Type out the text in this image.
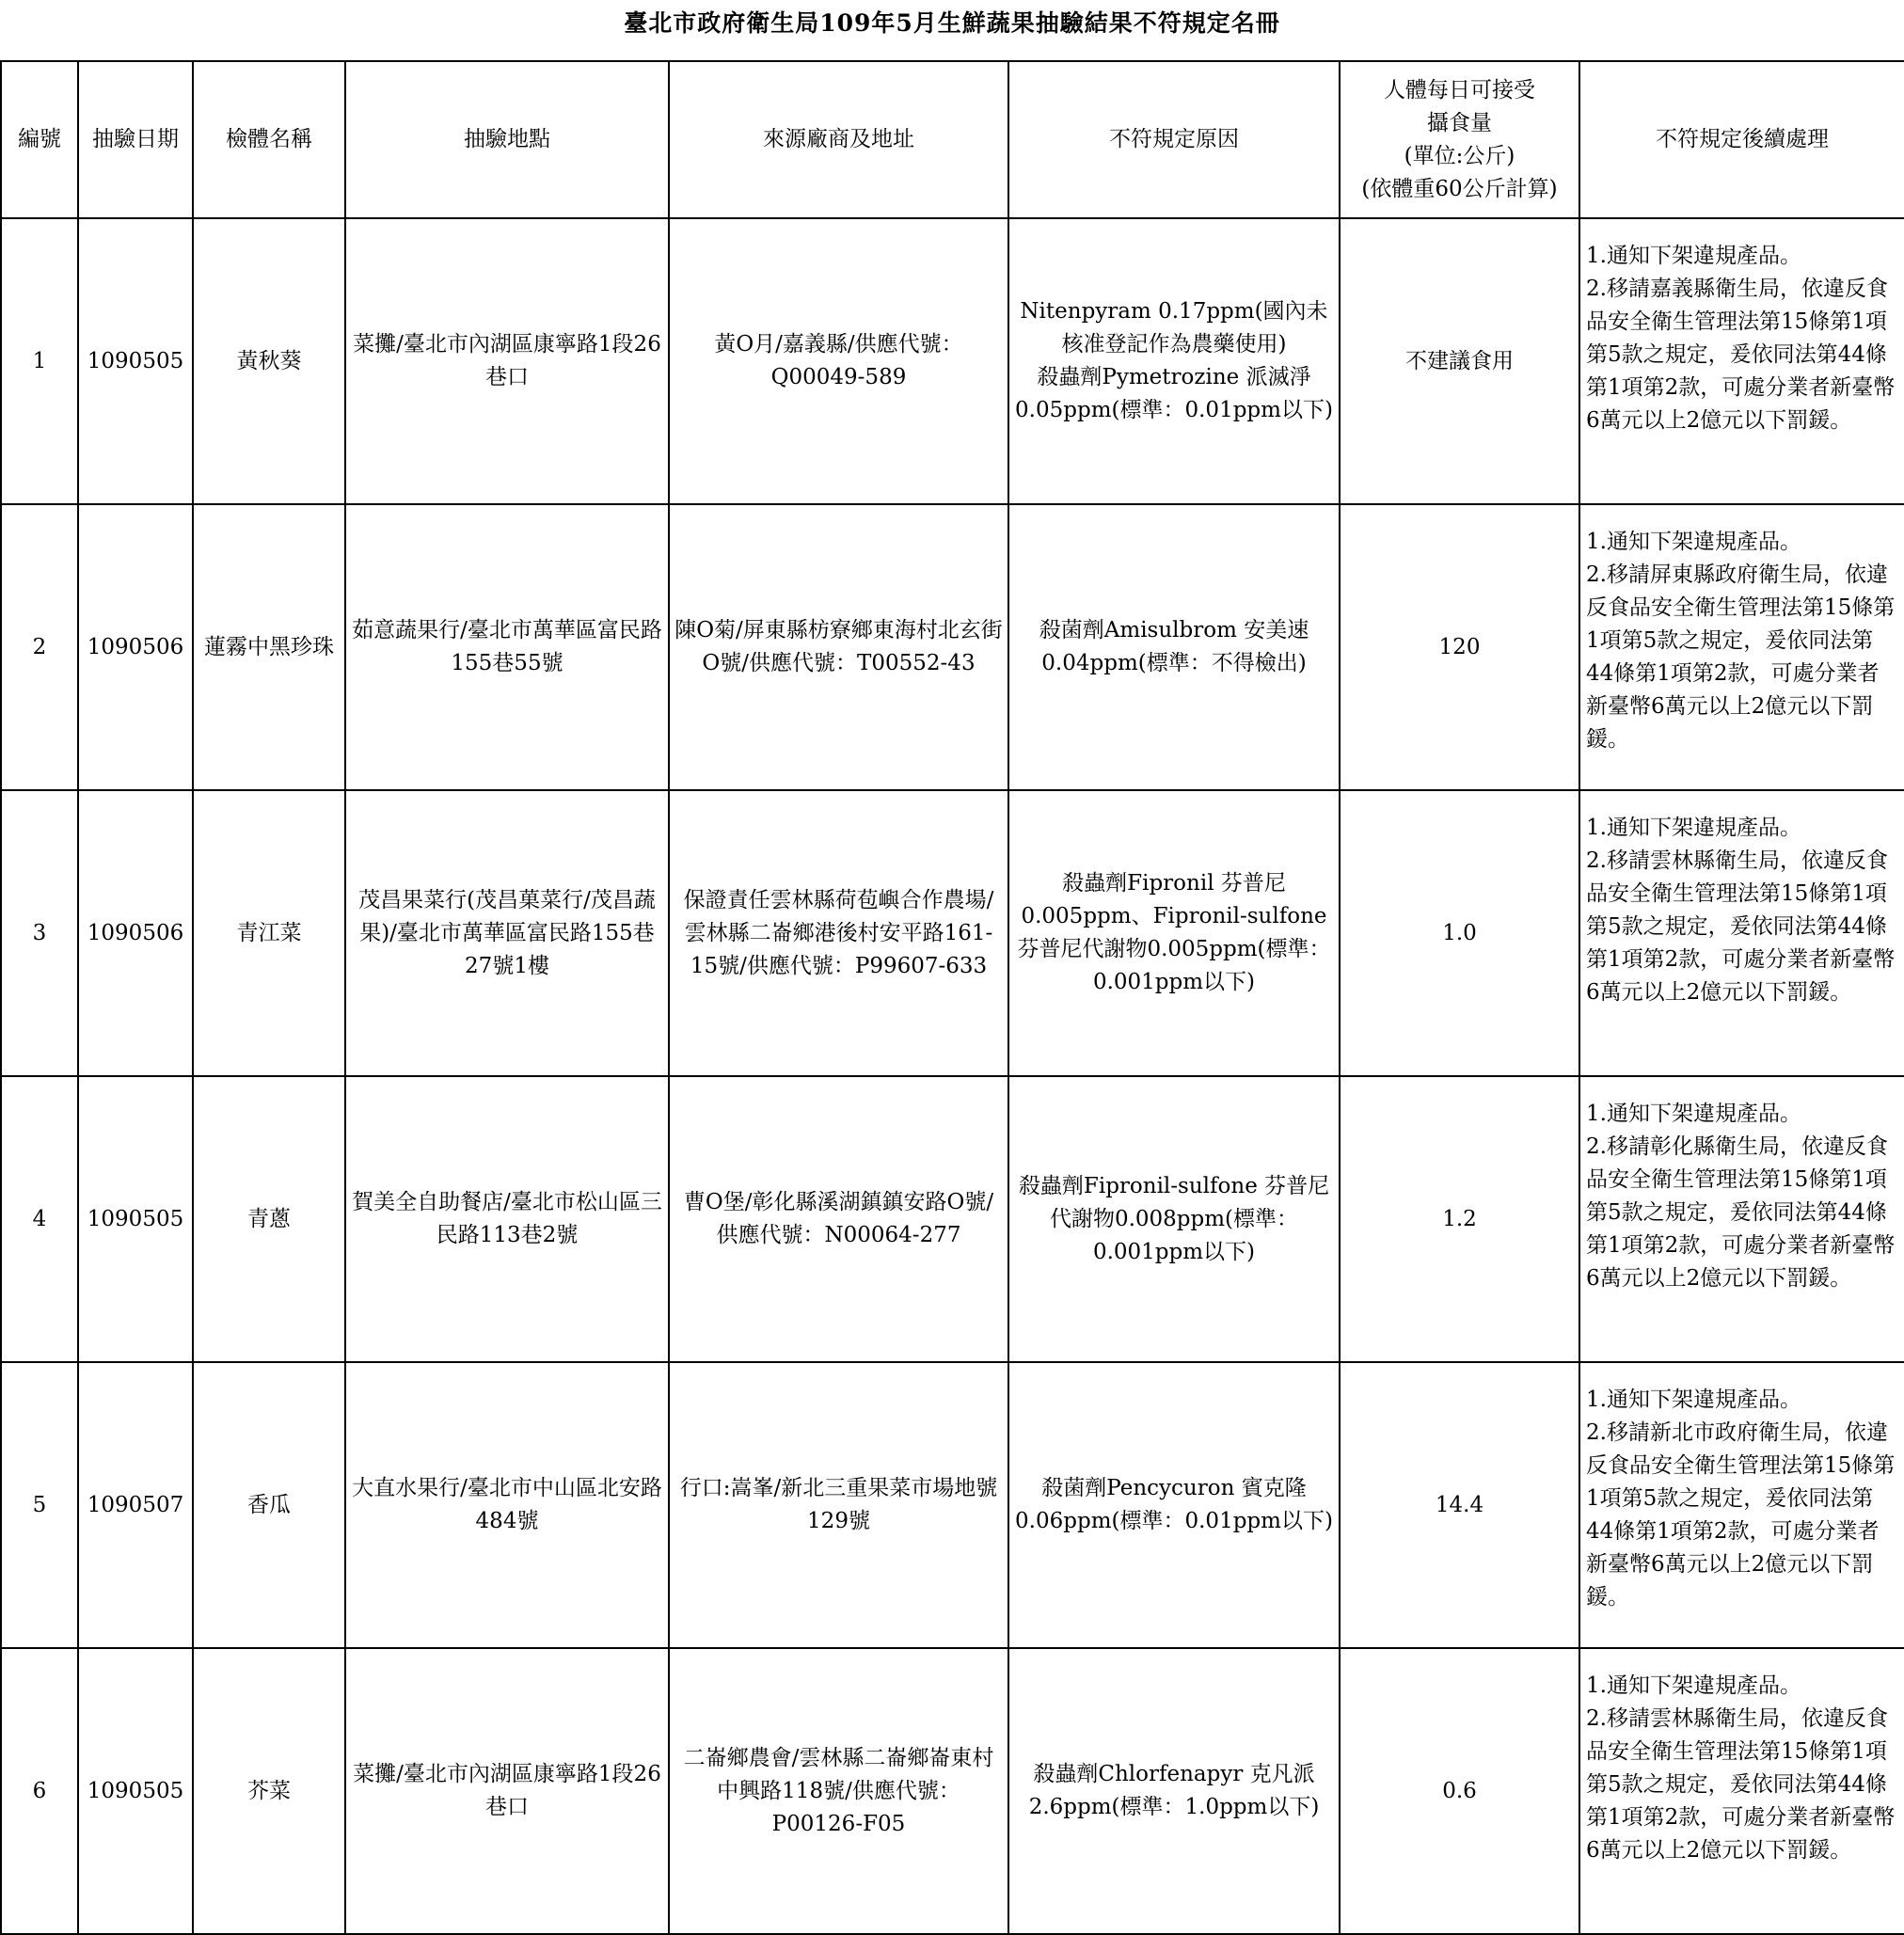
臺北市政府衛生局109年5月生鮮蔬果抽驗結果不符規定名冊
編號	抽驗日期	檢體名稱	抽驗地點	來源廠商及地址	不符規定原因	人體每日可接受
攝食量
(單位:公斤)
(依體重60公斤計算)	不符規定後續處理
1	1090505	黃秋葵	菜攤/臺北市內湖區康寧路1段26巷口	黃O月/嘉義縣/供應代號：Q00049-589	Nitenpyram 0.17ppm(國內未核准登記作為農藥使用)
殺蟲劑Pymetrozine 派滅淨0.05ppm(標準：0.01ppm以下)	不建議食用	1.通知下架違規產品。
2.移請嘉義縣衛生局，依違反食品安全衛生管理法第15條第1項第5款之規定，爰依同法第44條第1項第2款，可處分業者新臺幣6萬元以上2億元以下罰鍰。
2	1090506	蓮霧中黑珍珠	茹意蔬果行/臺北市萬華區富民路155巷55號	陳O菊/屏東縣枋寮鄉東海村北玄街O號/供應代號：T00552-43	殺菌劑Amisulbrom 安美速0.04ppm(標準：不得檢出)	120	1.通知下架違規產品。
2.移請屏東縣政府衛生局，依違反食品安全衛生管理法第15條第1項第5款之規定，爰依同法第44條第1項第2款，可處分業者新臺幣6萬元以上2億元以下罰鍰。
3	1090506	青江菜	茂昌果菜行(茂昌菓菜行/茂昌蔬果)/臺北市萬華區富民路155巷27號1樓	保證責任雲林縣荷苞嶼合作農場/雲林縣二崙鄉港後村安平路161-15號/供應代號：P99607-633	殺蟲劑Fipronil 芬普尼0.005ppm、Fipronil-sulfone芬普尼代謝物0.005ppm(標準：0.001ppm以下)	1.0	1.通知下架違規產品。
2.移請雲林縣衛生局，依違反食品安全衛生管理法第15條第1項第5款之規定，爰依同法第44條第1項第2款，可處分業者新臺幣6萬元以上2億元以下罰鍰。
4	1090505	青蔥	賀美全自助餐店/臺北市松山區三民路113巷2號	曹O堡/彰化縣溪湖鎮鎮安路O號/供應代號：N00064-277	殺蟲劑Fipronil-sulfone 芬普尼代謝物0.008ppm(標準：0.001ppm以下)	1.2	1.通知下架違規產品。
2.移請彰化縣衛生局，依違反食品安全衛生管理法第15條第1項第5款之規定，爰依同法第44條第1項第2款，可處分業者新臺幣6萬元以上2億元以下罰鍰。
5	1090507	香瓜	大直水果行/臺北市中山區北安路484號	行口:嵩峯/新北三重果菜市場地號129號	殺菌劑Pencycuron 賓克隆0.06ppm(標準：0.01ppm以下)	14.4	1.通知下架違規產品。
2.移請新北市政府衛生局，依違反食品安全衛生管理法第15條第1項第5款之規定，爰依同法第44條第1項第2款，可處分業者新臺幣6萬元以上2億元以下罰鍰。
6	1090505	芥菜	菜攤/臺北市內湖區康寧路1段26巷口	二崙鄉農會/雲林縣二崙鄉崙東村中興路118號/供應代號：P00126-F05	殺蟲劑Chlorfenapyr 克凡派2.6ppm(標準：1.0ppm以下)	0.6	1.通知下架違規產品。
2.移請雲林縣衛生局，依違反食品安全衛生管理法第15條第1項第5款之規定，爰依同法第44條第1項第2款，可處分業者新臺幣6萬元以上2億元以下罰鍰。
